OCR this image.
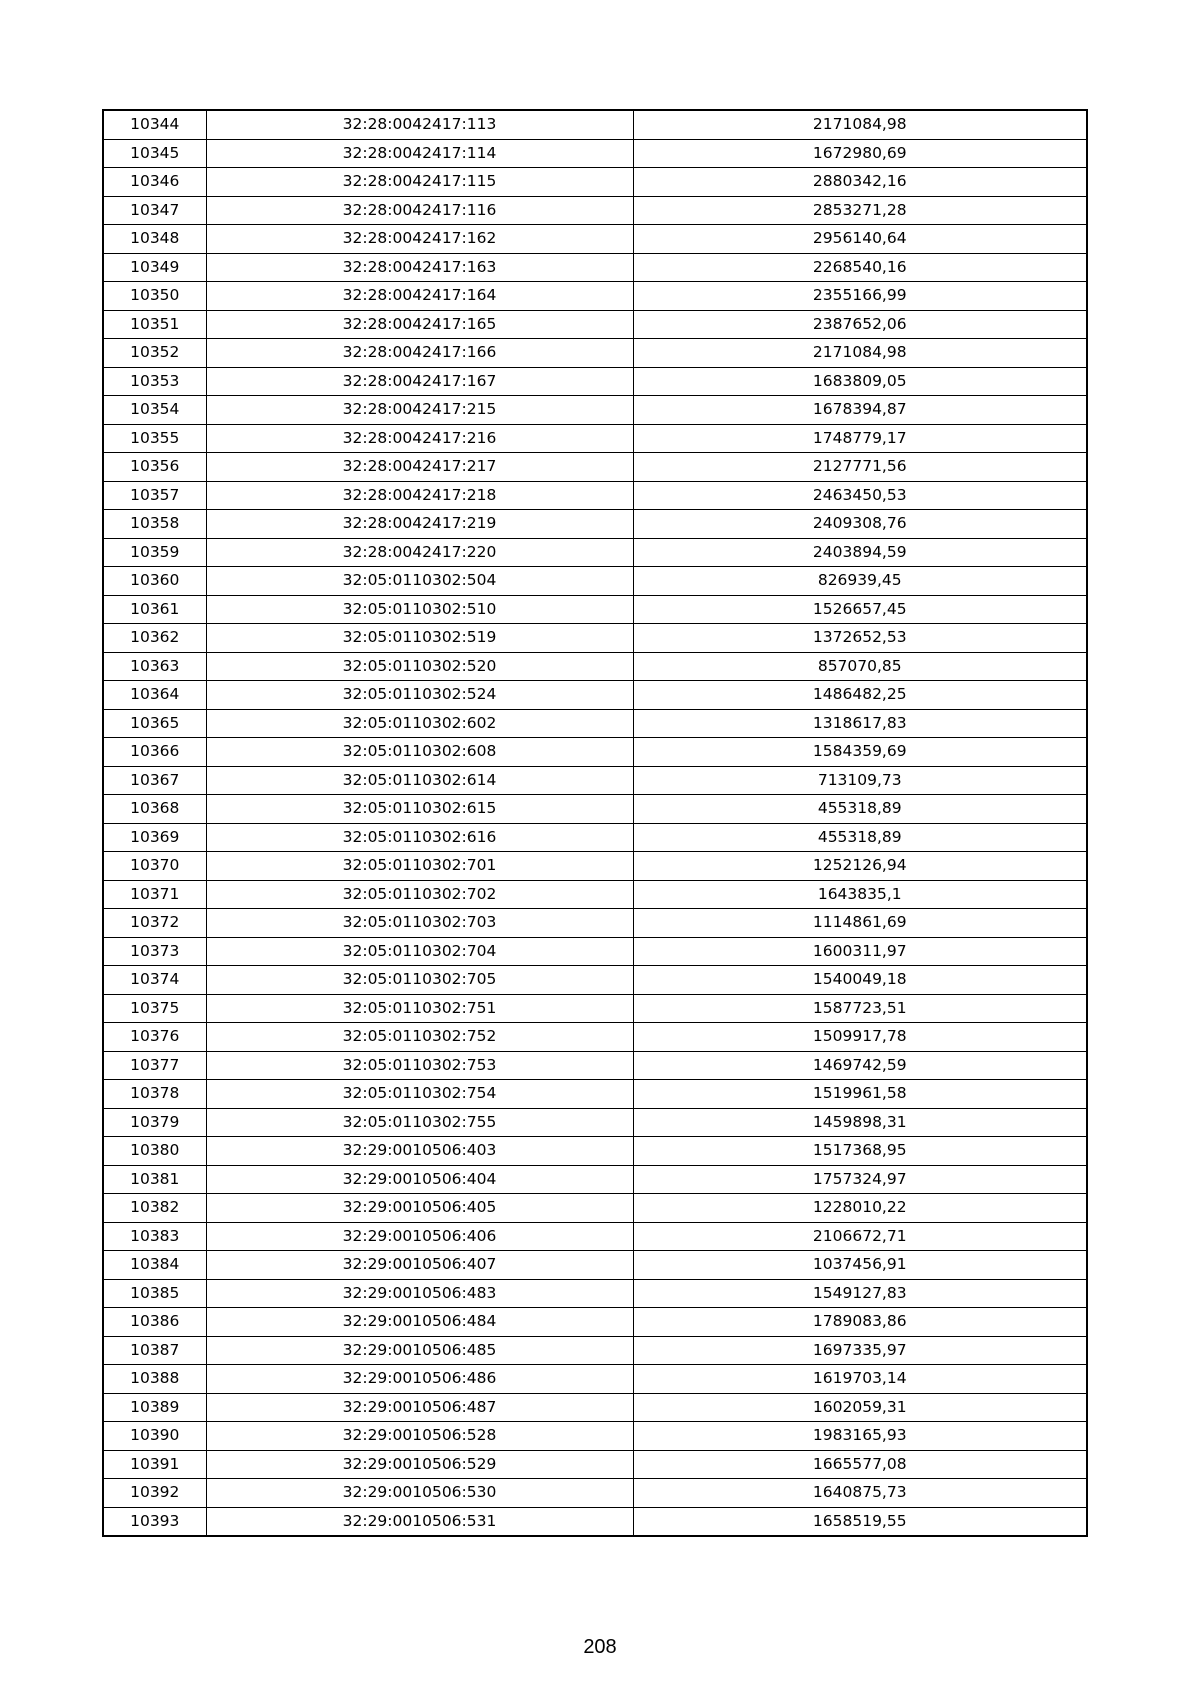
10344	32:28:0042417:113	2171084,98
10345	32:28:0042417:114	1672980,69
10346	32:28:0042417:115	2880342,16
10347	32:28:0042417:116	2853271,28
10348	32:28:0042417:162	2956140,64
10349	32:28:0042417:163	2268540,16
10350	32:28:0042417:164	2355166,99
10351	32:28:0042417:165	2387652,06
10352	32:28:0042417:166	2171084,98
10353	32:28:0042417:167	1683809,05
10354	32:28:0042417:215	1678394,87
10355	32:28:0042417:216	1748779,17
10356	32:28:0042417:217	2127771,56
10357	32:28:0042417:218	2463450,53
10358	32:28:0042417:219	2409308,76
10359	32:28:0042417:220	2403894,59
10360	32:05:0110302:504	826939,45
10361	32:05:0110302:510	1526657,45
10362	32:05:0110302:519	1372652,53
10363	32:05:0110302:520	857070,85
10364	32:05:0110302:524	1486482,25
10365	32:05:0110302:602	1318617,83
10366	32:05:0110302:608	1584359,69
10367	32:05:0110302:614	713109,73
10368	32:05:0110302:615	455318,89
10369	32:05:0110302:616	455318,89
10370	32:05:0110302:701	1252126,94
10371	32:05:0110302:702	1643835,1
10372	32:05:0110302:703	1114861,69
10373	32:05:0110302:704	1600311,97
10374	32:05:0110302:705	1540049,18
10375	32:05:0110302:751	1587723,51
10376	32:05:0110302:752	1509917,78
10377	32:05:0110302:753	1469742,59
10378	32:05:0110302:754	1519961,58
10379	32:05:0110302:755	1459898,31
10380	32:29:0010506:403	1517368,95
10381	32:29:0010506:404	1757324,97
10382	32:29:0010506:405	1228010,22
10383	32:29:0010506:406	2106672,71
10384	32:29:0010506:407	1037456,91
10385	32:29:0010506:483	1549127,83
10386	32:29:0010506:484	1789083,86
10387	32:29:0010506:485	1697335,97
10388	32:29:0010506:486	1619703,14
10389	32:29:0010506:487	1602059,31
10390	32:29:0010506:528	1983165,93
10391	32:29:0010506:529	1665577,08
10392	32:29:0010506:530	1640875,73
10393	32:29:0010506:531	1658519,55
208
